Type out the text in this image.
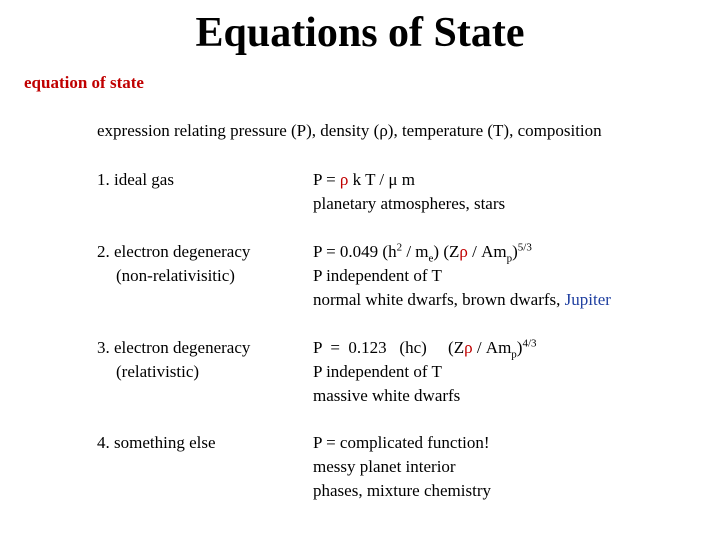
Equations of State
equation of state
expression relating pressure (P), density (ρ), temperature (T), composition
1. ideal gas	P = ρ k T / μ m
planetary atmospheres, stars
2. electron degeneracy
(non-relativisitic)
P = 0.049 $(h^2 / m_e)$ $(Z\rho / Am_p)^{5/3}$
P independent of T
normal white dwarfs, brown dwarfs, Jupiter
3. electron degeneracy
(relativistic)
P  =  0.123   (hc)     $(Z\rho / Am_p)^{4/3}$
P independent of T
massive white dwarfs
4. something else	P = complicated function!
messy planet interior
phases, mixture chemistry
